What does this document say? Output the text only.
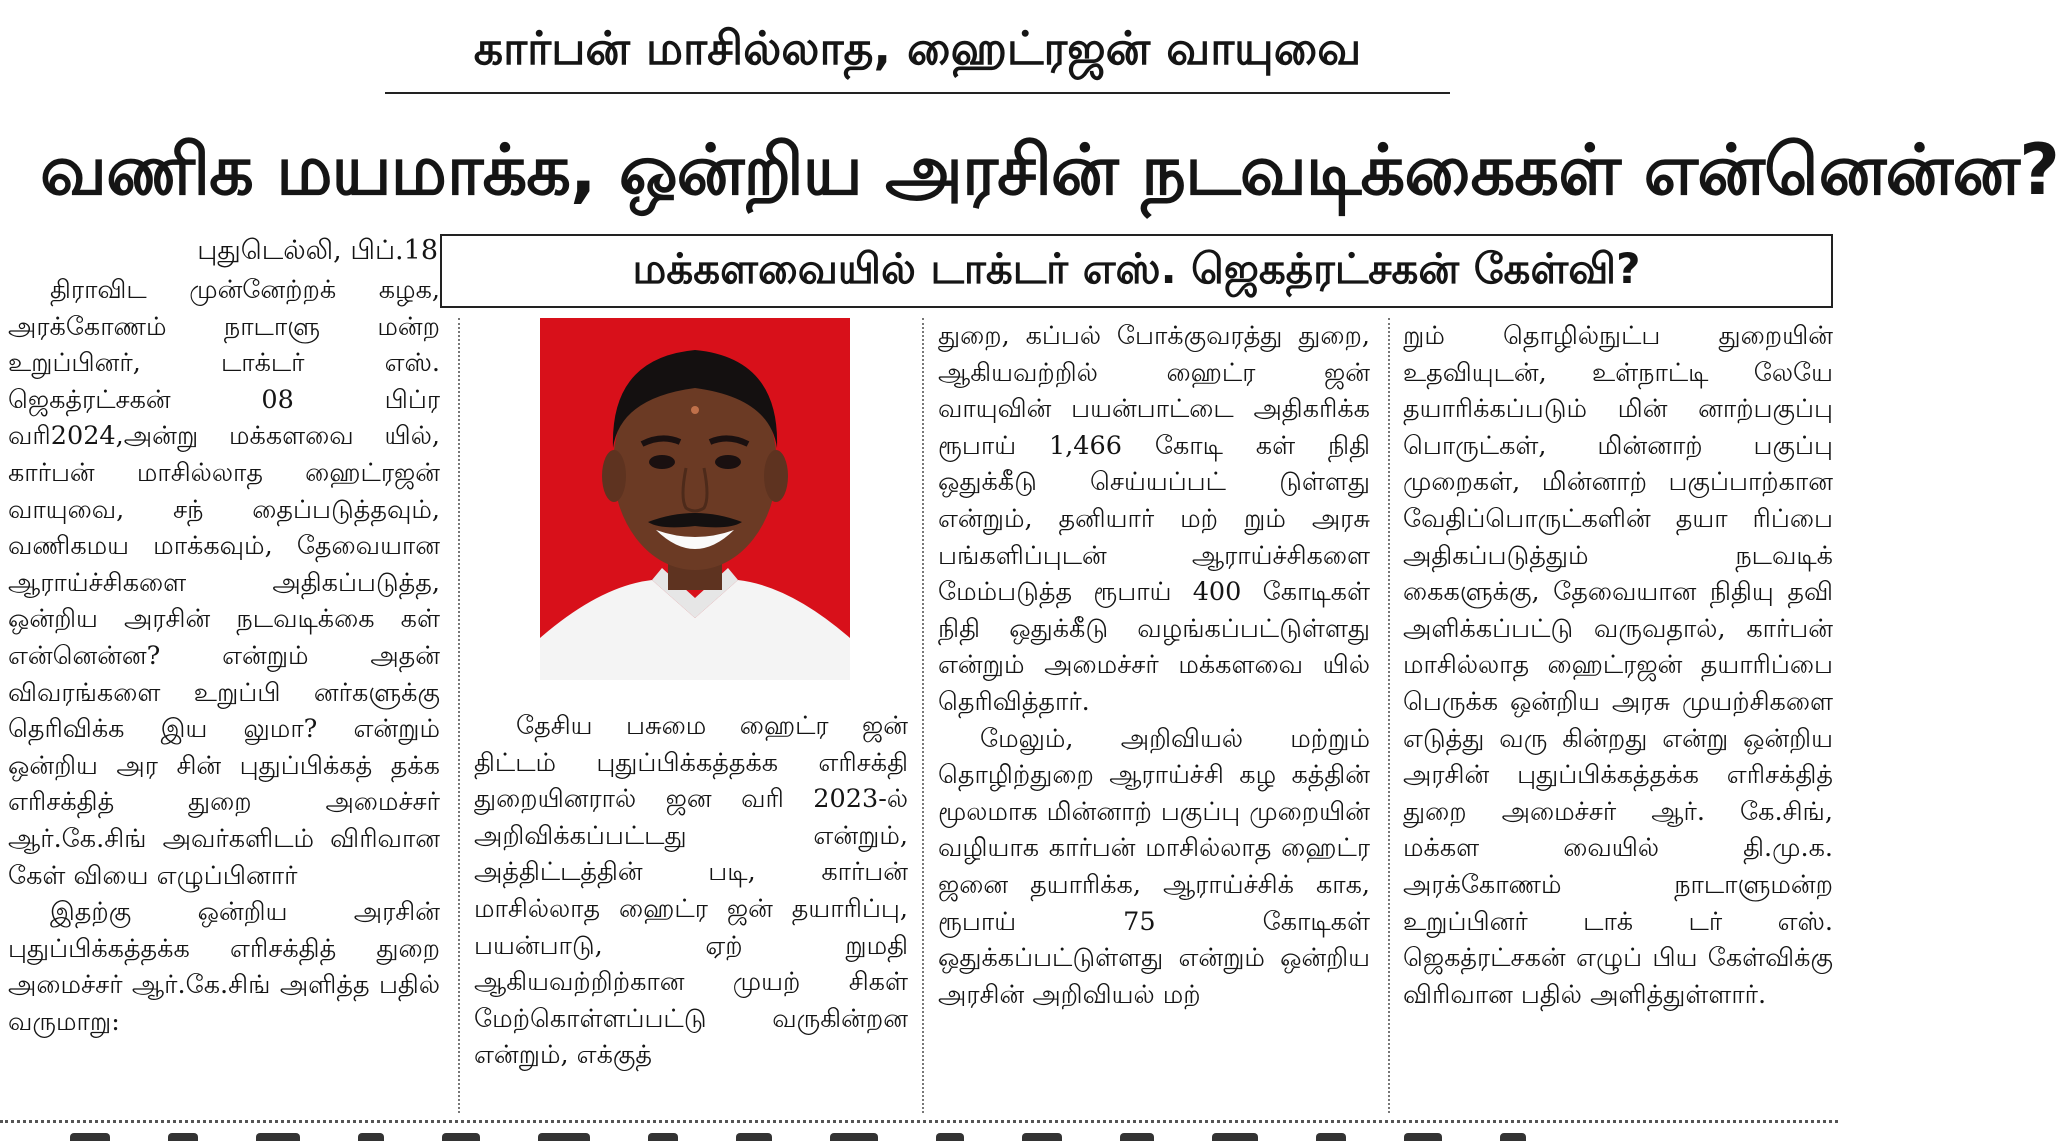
கார்பன் மாசில்லாத, ஹைட்ரஜன் வாயுவை
வணிக மயமாக்க, ஒன்றிய அரசின் நடவடிக்கைகள் என்னென்ன?
புதுடெல்லி, பிப்.18	மக்களவையில் டாக்டர் எஸ். ஜெகத்ரட்சகன் கேள்வி?

திராவிட முன்னேற்றக் கழக, அரக்கோணம் நாடாளு மன்ற உறுப்பினர், டாக்டர் எஸ். ஜெகத்ரட்சகன் 08 பிப்ர வரி2024,அன்று மக்களவை யில், கார்பன் மாசில்லாத ஹைட்ரஜன் வாயுவை, சந் தைப்படுத்தவும், வணிகமய மாக்கவும், தேவையான ஆராய்ச்சிகளை அதிகப்படுத்த, ஒன்றிய அரசின் நடவடிக்கை கள் என்னென்ன? என்றும் அதன் விவரங்களை உறுப்பி னர்களுக்கு தெரிவிக்க இய லுமா? என்றும் ஒன்றிய அர சின் புதுப்பிக்கத் தக்க எரிசக்தித் துறை அமைச்சர் ஆர்.கே.சிங் அவர்களிடம் விரிவான கேள் வியை எழுப்பினார்

இதற்கு ஒன்றிய அரசின் புதுப்பிக்கத்தக்க எரிசக்தித் துறை அமைச்சர் ஆர்.கே.சிங் அளித்த பதில் வருமாறு:

தேசிய பசுமை ஹைட்ர ஜன் திட்டம் புதுப்பிக்கத்தக்க எரிசக்தி துறையினரால் ஜன வரி 2023-ல் அறிவிக்கப்பட்டது என்றும், அத்திட்டத்தின் படி, கார்பன் மாசில்லாத ஹைட்ர ஜன் தயாரிப்பு, பயன்பாடு, ஏற் றுமதி ஆகியவற்றிற்கான முயற் சிகள் மேற்கொள்ளப்பட்டு வருகின்றன என்றும், எக்குத்

துறை, கப்பல் போக்குவரத்து துறை, ஆகியவற்றில் ஹைட்ர ஜன் வாயுவின் பயன்பாட்டை அதிகரிக்க ரூபாய் 1,466 கோடி கள் நிதி ஒதுக்கீடு செய்யப்பட் டுள்ளது என்றும், தனியார் மற் றும் அரசு பங்களிப்புடன் ஆராய்ச்சிகளை மேம்படுத்த ரூபாய் 400 கோடிகள் நிதி ஒதுக்கீடு வழங்கப்பட்டுள்ளது என்றும் அமைச்சர் மக்களவை யில் தெரிவித்தார்.

மேலும், அறிவியல் மற்றும் தொழிற்துறை ஆராய்ச்சி கழ கத்தின் மூலமாக மின்னாற் பகுப்பு முறையின் வழியாக கார்பன் மாசில்லாத ஹைட்ர ஜனை தயாரிக்க, ஆராய்ச்சிக் காக, ரூபாய் 75 கோடிகள் ஒதுக்கப்பட்டுள்ளது என்றும் ஒன்றிய அரசின் அறிவியல் மற்

றும் தொழில்நுட்ப துறையின் உதவியுடன், உள்நாட்டி லேயே தயாரிக்கப்படும் மின் னாற்பகுப்பு பொருட்கள், மின்னாற் பகுப்பு முறைகள், மின்னாற் பகுப்பாற்கான வேதிப்பொருட்களின் தயா ரிப்பை அதிகப்படுத்தும் நடவடிக் கைகளுக்கு, தேவையான நிதியு தவி அளிக்கப்பட்டு வருவதால், கார்பன் மாசில்லாத ஹைட்ரஜன் தயாரிப்பை பெருக்க ஒன்றிய அரசு முயற்சிகளை எடுத்து வரு கின்றது என்று ஒன்றிய அரசின் புதுப்பிக்கத்தக்க எரிசக்தித் துறை அமைச்சர் ஆர். கே.சிங், மக்கள வையில் தி.மு.க. அரக்கோணம் நாடாளுமன்ற உறுப்பினர் டாக் டர் எஸ். ஜெகத்ரட்சகன் எழுப் பிய கேள்விக்கு விரிவான பதில் அளித்துள்ளார்.
